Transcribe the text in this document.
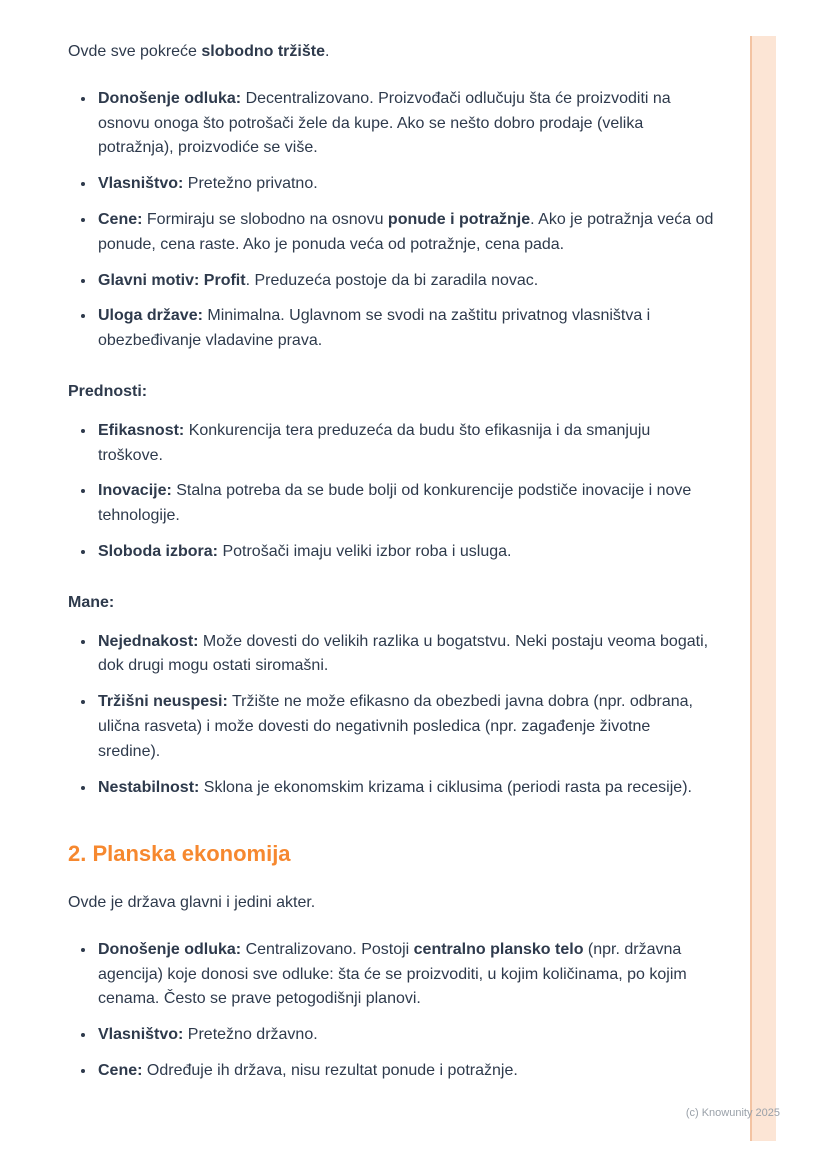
Ovde sve pokreće slobodno tržište.

• Donošenje odluka: Decentralizovano. Proizvođači odlučuju šta će proizvoditi na osnovu onoga što potrošači žele da kupe. Ako se nešto dobro prodaje (velika potražnja), proizvodiće se više.
• Vlasništvo: Pretežno privatno.
• Cene: Formiraju se slobodno na osnovu ponude i potražnje. Ako je potražnja veća od ponude, cena raste. Ako je ponuda veća od potražnje, cena pada.
• Glavni motiv: Profit. Preduzeća postoje da bi zaradila novac.
• Uloga države: Minimalna. Uglavnom se svodi na zaštitu privatnog vlasništva i obezbeđivanje vladavine prava.

Prednosti:

• Efikasnost: Konkurencija tera preduzeća da budu što efikasnija i da smanjuju troškove.
• Inovacije: Stalna potreba da se bude bolji od konkurencije podstiče inovacije i nove tehnologije.
• Sloboda izbora: Potrošači imaju veliki izbor roba i usluga.

Mane:

• Nejednakost: Može dovesti do velikih razlika u bogatstvu. Neki postaju veoma bogati, dok drugi mogu ostati siromašni.
• Tržišni neuspesi: Tržište ne može efikasno da obezbedi javna dobra (npr. odbrana, ulična rasveta) i može dovesti do negativnih posledica (npr. zagađenje životne sredine).
• Nestabilnost: Sklona je ekonomskim krizama i ciklusima (periodi rasta pa recesije).
2. Planska ekonomija

Ovde je država glavni i jedini akter.

• Donošenje odluka: Centralizovano. Postoji centralno plansko telo (npr. državna agencija) koje donosi sve odluke: šta će se proizvoditi, u kojim količinama, po kojim cenama. Često se prave petogodišnji planovi.
• Vlasništvo: Pretežno državno.
• Cene: Određuje ih država, nisu rezultat ponude i potražnje.
(c) Knowunity 2025
